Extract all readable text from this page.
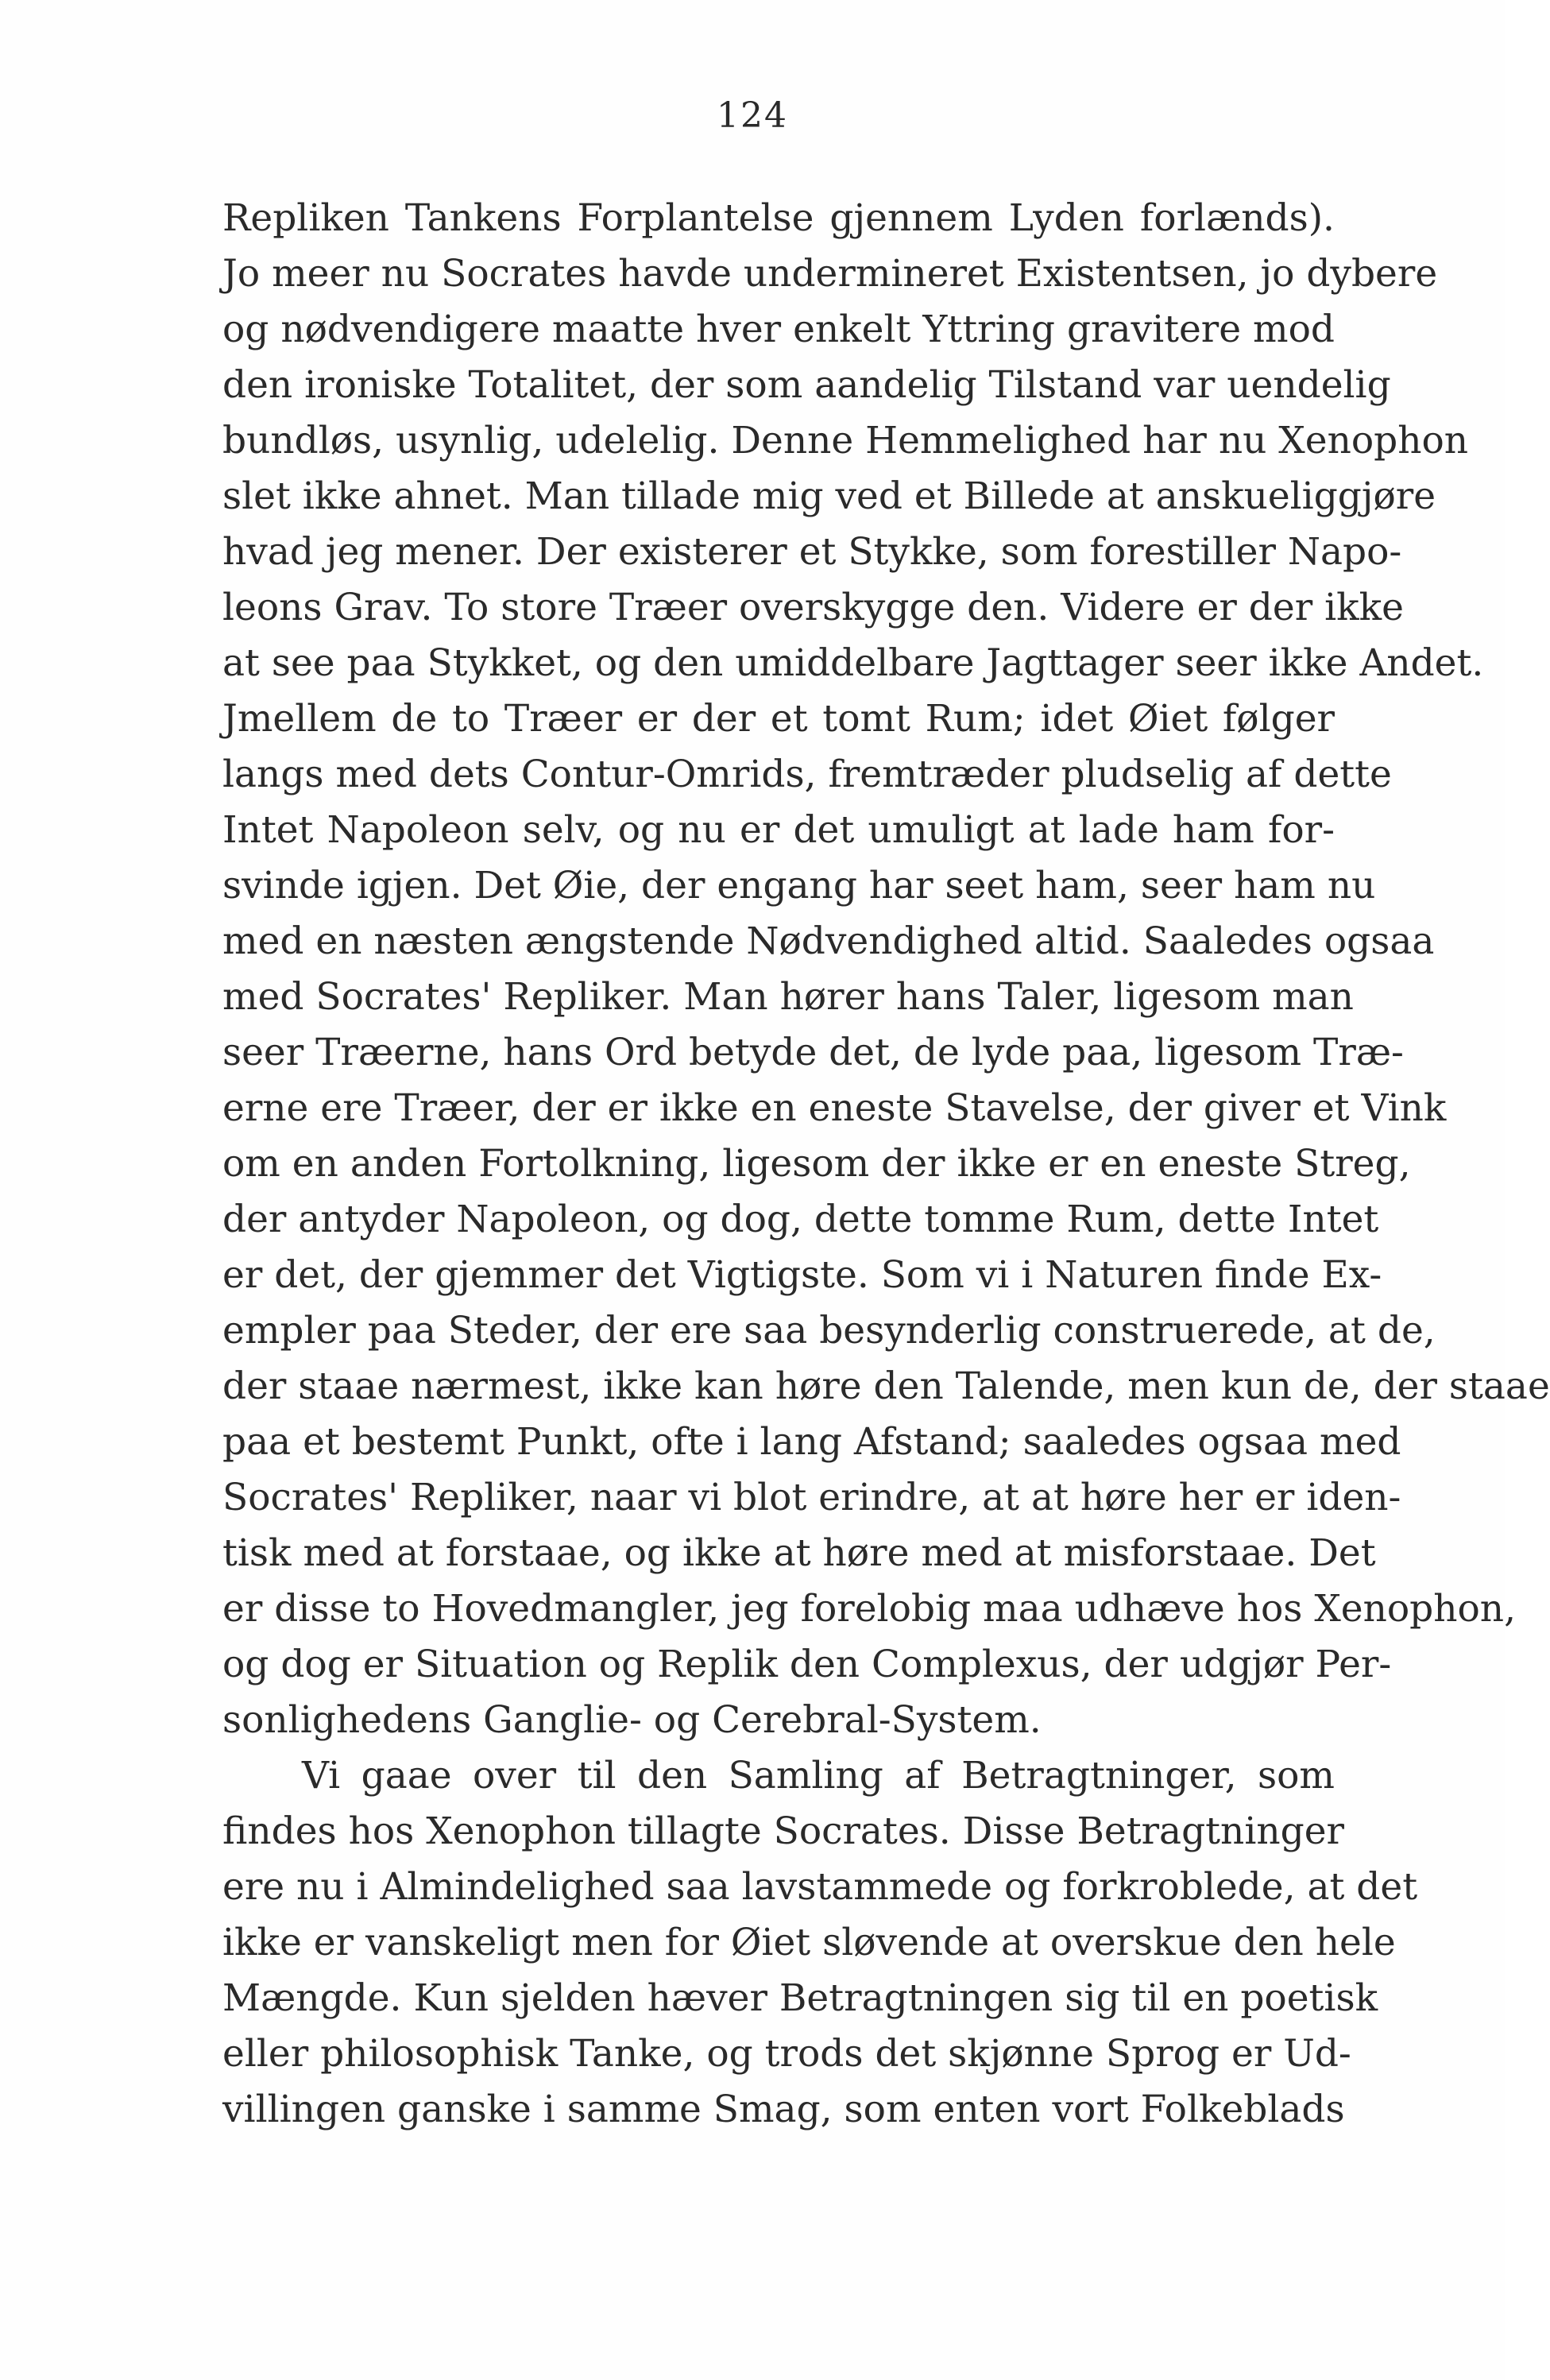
124
Repliken Tankens Forplantelse gjennem Lyden forlænds).
Jo meer nu Socrates havde undermineret Existentsen, jo dybere
og nødvendigere maatte hver enkelt Yttring gravitere mod
den ironiske Totalitet, der som aandelig Tilstand var uendelig
bundløs, usynlig, udelelig. Denne Hemmelighed har nu Xenophon
slet ikke ahnet. Man tillade mig ved et Billede at anskueliggjøre
hvad jeg mener. Der existerer et Stykke, som forestiller Napo-
leons Grav. To store Træer overskygge den. Videre er der ikke
at see paa Stykket, og den umiddelbare Jagttager seer ikke Andet.
Jmellem de to Træer er der et tomt Rum; idet Øiet følger
langs med dets Contur-Omrids, fremtræder pludselig af dette
Intet Napoleon selv, og nu er det umuligt at lade ham for-
svinde igjen. Det Øie, der engang har seet ham, seer ham nu
med en næsten ængstende Nødvendighed altid. Saaledes ogsaa
med Socrates' Repliker. Man hører hans Taler, ligesom man
seer Træerne, hans Ord betyde det, de lyde paa, ligesom Træ-
erne ere Træer, der er ikke en eneste Stavelse, der giver et Vink
om en anden Fortolkning, ligesom der ikke er en eneste Streg,
der antyder Napoleon, og dog, dette tomme Rum, dette Intet
er det, der gjemmer det Vigtigste. Som vi i Naturen finde Ex-
empler paa Steder, der ere saa besynderlig construerede, at de,
der staae nærmest, ikke kan høre den Talende, men kun de, der staae
paa et bestemt Punkt, ofte i lang Afstand; saaledes ogsaa med
Socrates' Repliker, naar vi blot erindre, at at høre her er iden-
tisk med at forstaae, og ikke at høre med at misforstaae. Det
er disse to Hovedmangler, jeg forelobig maa udhæve hos Xenophon,
og dog er Situation og Replik den Complexus, der udgjør Per-
sonlighedens Ganglie- og Cerebral-System.
Vi gaae over til den Samling af Betragtninger, som
findes hos Xenophon tillagte Socrates. Disse Betragtninger
ere nu i Almindelighed saa lavstammede og forkroblede, at det
ikke er vanskeligt men for Øiet sløvende at overskue den hele
Mængde. Kun sjelden hæver Betragtningen sig til en poetisk
eller philosophisk Tanke, og trods det skjønne Sprog er Ud-
villingen ganske i samme Smag, som enten vort Folkeblads
